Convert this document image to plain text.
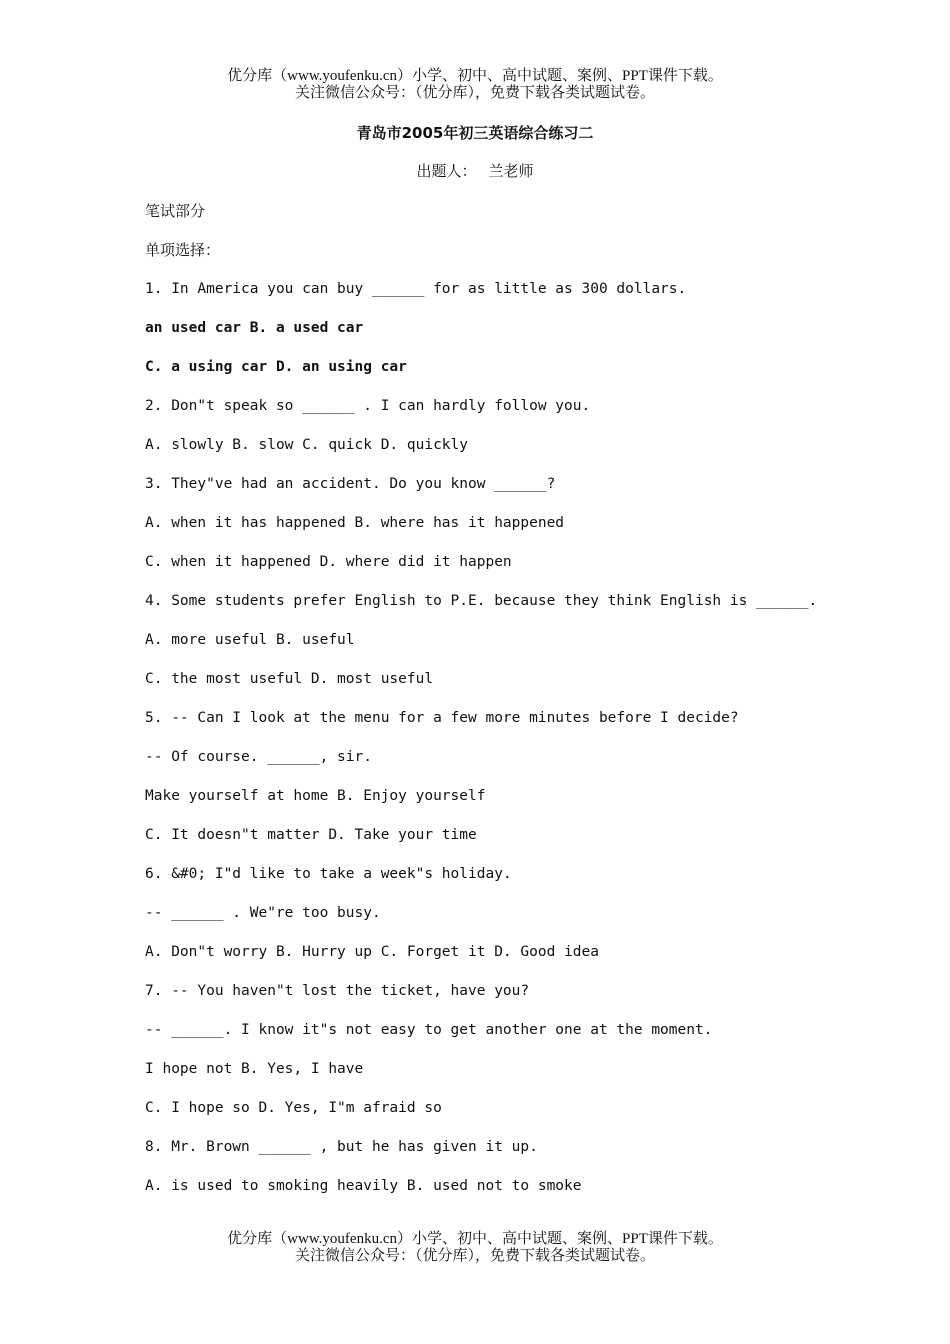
优分库（www.youfenku.cn）小学、初中、高中试题、案例、PPT课件下载。
关注微信公众号：（优分库），免费下载各类试题试卷。
青岛市2005年初三英语综合练习二
出题人： 兰老师
笔试部分
单项选择：
1. In America you can buy ______ for as little as 300 dollars.
an used car B. a used car
C. a using car D. an using car
2. Don"t speak so ______ . I can hardly follow you.
A. slowly B. slow C. quick D. quickly
3. They"ve had an accident. Do you know ______?
A. when it has happened B. where has it happened
C. when it happened D. where did it happen
4. Some students prefer English to P.E. because they think English is ______.
A. more useful B. useful
C. the most useful D. most useful
5. -- Can I look at the menu for a few more minutes before I decide?
-- Of course. ______, sir.
Make yourself at home B. Enjoy yourself
C. It doesn"t matter D. Take your time
6. &#0; I"d like to take a week"s holiday.
-- ______ . We"re too busy.
A. Don"t worry B. Hurry up C. Forget it D. Good idea
7. -- You haven"t lost the ticket, have you?
-- ______. I know it"s not easy to get another one at the moment.
I hope not B. Yes, I have
C. I hope so D. Yes, I"m afraid so
8. Mr. Brown ______ , but he has given it up.
A. is used to smoking heavily B. used not to smoke
优分库（www.youfenku.cn）小学、初中、高中试题、案例、PPT课件下载。
关注微信公众号：（优分库），免费下载各类试题试卷。
